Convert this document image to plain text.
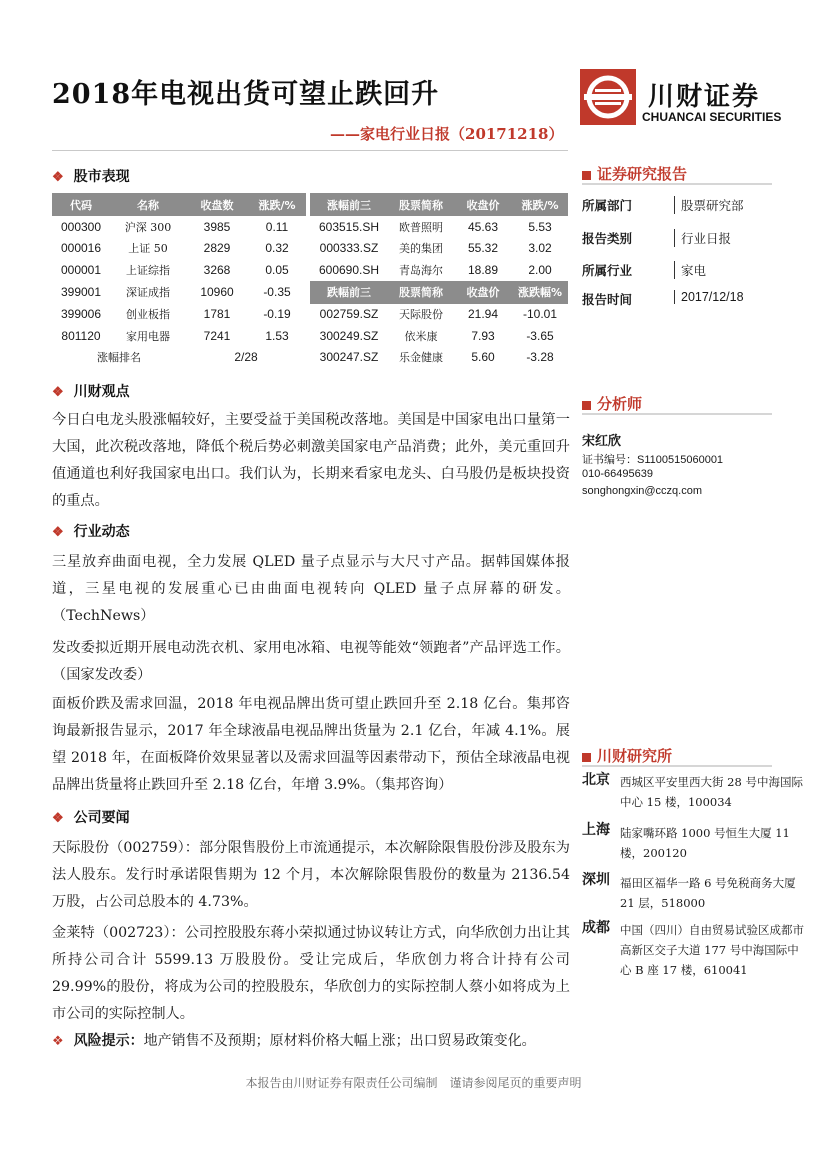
2018年电视出货可望止跌回升
——家电行业日报（20171218）
川财证券
CHUANCAI SECURITIES
❖ 股市表现
代码	名称	收盘数	涨跌/%		涨幅前三	股票简称	收盘价	涨跌/%
000300	沪深 300	3985	0.11		603515.SH	欧普照明	45.63	5.53
000016	上证 50	2829	0.32		000333.SZ	美的集团	55.32	3.02
000001	上证综指	3268	0.05		600690.SH	青岛海尔	18.89	2.00
399001	深证成指	10960	-0.35		跌幅前三	股票简称	收盘价	涨跌幅%
399006	创业板指	1781	-0.19		002759.SZ	天际股份	21.94	-10.01
801120	家用电器	7241	1.53		300249.SZ	依米康	7.93	-3.65
涨幅排名		2/28			300247.SZ	乐金健康	5.60	-3.28
❖ 川财观点
今日白电龙头股涨幅较好，主要受益于美国税改落地。美国是中国家电出口量第一大国，此次税改落地，降低个税后势必刺激美国家电产品消费；此外，美元重回升值通道也利好我国家电出口。我们认为，长期来看家电龙头、白马股仍是板块投资的重点。
❖ 行业动态
三星放弃曲面电视，全力发展 QLED 量子点显示与大尺寸产品。据韩国媒体报道，三星电视的发展重心已由曲面电视转向 QLED 量子点屏幕的研发。（TechNews）
发改委拟近期开展电动洗衣机、家用电冰箱、电视等能效“领跑者”产品评选工作。（国家发改委）
面板价跌及需求回温，2018 年电视品牌出货可望止跌回升至 2.18 亿台。集邦咨询最新报告显示，2017 年全球液晶电视品牌出货量为 2.1 亿台，年减 4.1%。展望 2018 年，在面板降价效果显著以及需求回温等因素带动下，预估全球液晶电视品牌出货量将止跌回升至 2.18 亿台，年增 3.9%。（集邦咨询）
❖ 公司要闻
天际股份（002759）：部分限售股份上市流通提示，本次解除限售股份涉及股东为法人股东。发行时承诺限售期为 12 个月，本次解除限售股份的数量为 2136.54 万股，占公司总股本的 4.73%。
金莱特（002723）：公司控股股东蒋小荣拟通过协议转让方式，向华欣创力出让其所持公司合计 5599.13 万股股份。受让完成后，华欣创力将合计持有公司 29.99%的股份，将成为公司的控股股东，华欣创力的实际控制人蔡小如将成为上市公司的实际控制人。
❖ 风险提示：地产销售不及预期；原材料价格大幅上涨；出口贸易政策变化。
证券研究报告
所属部门	股票研究部
报告类别	行业日报
所属行业	家电
报告时间	2017/12/18
分析师
宋红欣
证书编号：S1100515060001
010-66495639
songhongxin@cczq.com
川财研究所
北京 西城区平安里西大街 28 号中海国际中心 15 楼，100034
上海 陆家嘴环路 1000 号恒生大厦 11 楼，200120
深圳 福田区福华一路 6 号免税商务大厦 21 层，518000
成都 中国（四川）自由贸易试验区成都市高新区交子大道 177 号中海国际中心 B 座 17 楼，610041
本报告由川财证券有限责任公司编制　谨请参阅尾页的重要声明
